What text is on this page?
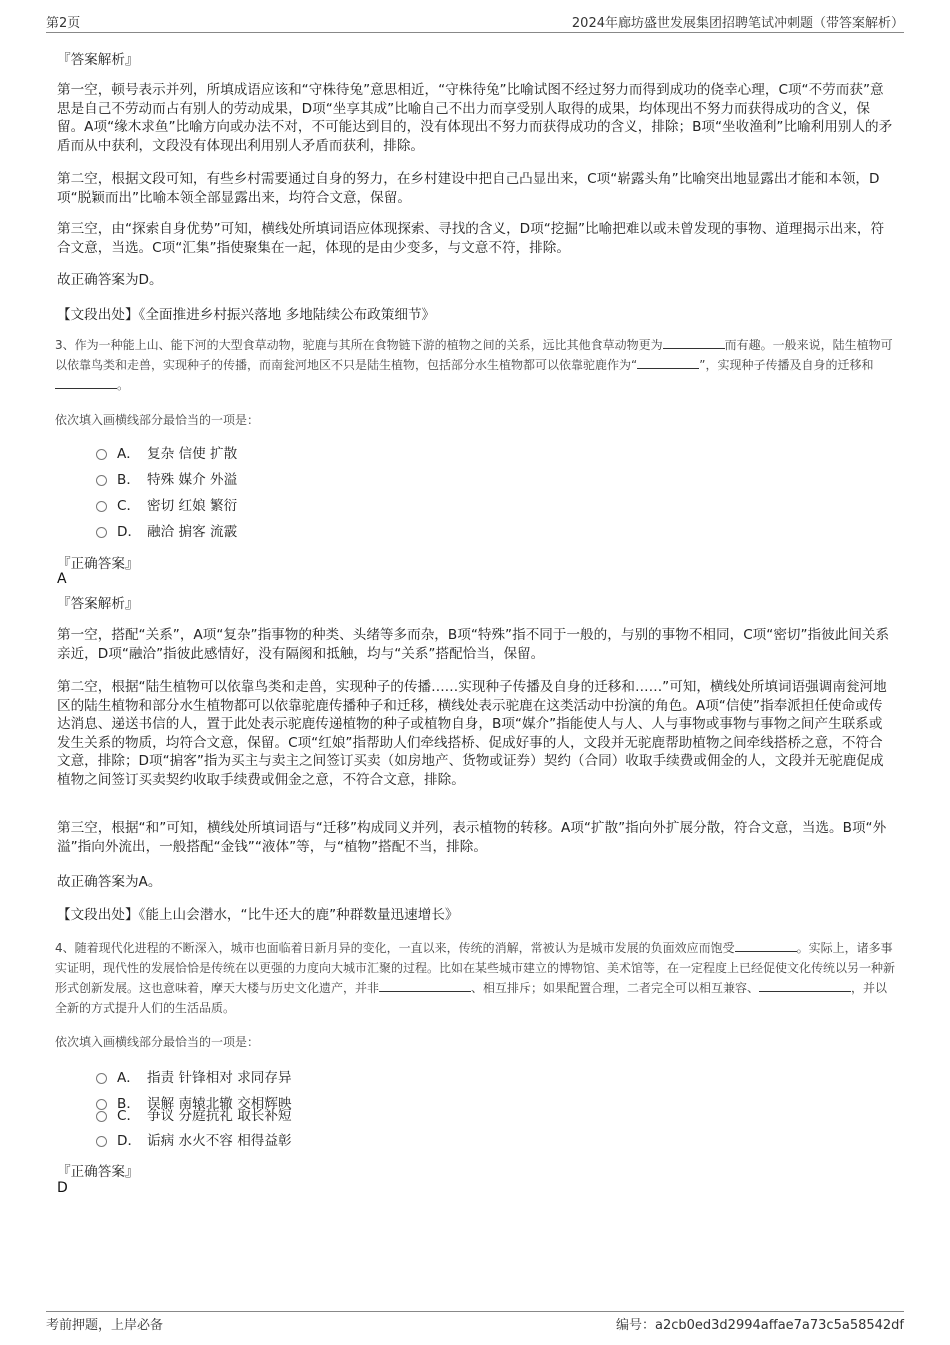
第2页	2024年廊坊盛世发展集团招聘笔试冲刺题（带答案解析）
『答案解析』
第一空，顿号表示并列，所填成语应该和“守株待兔”意思相近，“守株待兔”比喻试图不经过努力而得到成功的侥幸心理，C项“不劳而获”意思是自己不劳动而占有别人的劳动成果，D项“坐享其成”比喻自己不出力而享受别人取得的成果，均体现出不努力而获得成功的含义，保留。A项“缘木求鱼”比喻方向或办法不对，不可能达到目的，没有体现出不努力而获得成功的含义，排除；B项“坐收渔利”比喻利用别人的矛盾而从中获利，文段没有体现出利用别人矛盾而获利，排除。
第二空，根据文段可知，有些乡村需要通过自身的努力，在乡村建设中把自己凸显出来，C项“崭露头角”比喻突出地显露出才能和本领，D项“脱颖而出”比喻本领全部显露出来，均符合文意，保留。
第三空，由“探索自身优势”可知，横线处所填词语应体现探索、寻找的含义，D项“挖掘”比喻把难以或未曾发现的事物、道理揭示出来，符合文意，当选。C项“汇集”指使聚集在一起，体现的是由少变多，与文意不符，排除。
故正确答案为D。
【文段出处】《全面推进乡村振兴落地 多地陆续公布政策细节》
3、作为一种能上山、能下河的大型食草动物，驼鹿与其所在食物链下游的植物之间的关系，远比其他食草动物更为	而有趣。一般来说，陆生植物可以依靠鸟类和走兽，实现种子的传播，而南瓮河地区不只是陆生植物，包括部分水生植物都可以依靠驼鹿作为“	”，实现种子传播及自身的迁移和。
依次填入画横线部分最恰当的一项是：
A． 复杂 信使 扩散
B． 特殊 媒介 外溢
C． 密切 红娘 繁衍
D． 融洽 掮客 流霰
『正确答案』
A
『答案解析』
第一空，搭配“关系”，A项“复杂”指事物的种类、头绪等多而杂，B项“特殊”指不同于一般的，与别的事物不相同，C项“密切”指彼此间关系亲近，D项“融洽”指彼此感情好，没有隔阂和抵触，均与“关系”搭配恰当，保留。
第二空，根据“陆生植物可以依靠鸟类和走兽，实现种子的传播……实现种子传播及自身的迁移和……”可知，横线处所填词语强调南瓮河地区的陆生植物和部分水生植物都可以依靠驼鹿传播种子和迁移，横线处表示驼鹿在这类活动中扮演的角色。A项“信使”指奉派担任使命或传达消息、递送书信的人，置于此处表示驼鹿传递植物的种子或植物自身，B项“媒介”指能使人与人、人与事物或事物与事物之间产生联系或发生关系的物质，均符合文意，保留。C项“红娘”指帮助人们牵线搭桥、促成好事的人，文段并无驼鹿帮助植物之间牵线搭桥之意，不符合文意，排除；D项“掮客”指为买主与卖主之间签订买卖（如房地产、货物或证券）契约（合同）收取手续费或佣金的人，文段并无驼鹿促成植物之间签订买卖契约收取手续费或佣金之意，不符合文意，排除。
第三空，根据“和”可知，横线处所填词语与“迁移”构成同义并列，表示植物的转移。A项“扩散”指向外扩展分散，符合文意，当选。B项“外溢”指向外流出，一般搭配“金钱”“液体”等，与“植物”搭配不当，排除。
故正确答案为A。
【文段出处】《能上山会潜水，“比牛还大的鹿”种群数量迅速增长》
4、随着现代化进程的不断深入，城市也面临着日新月异的变化，一直以来，传统的消解，常被认为是城市发展的负面效应而饱受	。实际上，诸多事实证明，现代性的发展恰恰是传统在以更强的力度向大城市汇聚的过程。比如在某些城市建立的博物馆、美术馆等，在一定程度上已经促使文化传统以另一种新形式创新发展。这也意味着，摩天大楼与历史文化遗产，并非	、相互排斥；如果配置合理，二者完全可以相互兼容、	，并以全新的方式提升人们的生活品质。
依次填入画横线部分最恰当的一项是：
A． 指责 针锋相对 求同存异
B． 误解 南辕北辙 交相辉映
C． 争议 分庭抗礼 取长补短
D． 诟病 水火不容 相得益彰
『正确答案』
D
考前押题，上岸必备	编号：a2cb0ed3d2994affae7a73c5a58542df
